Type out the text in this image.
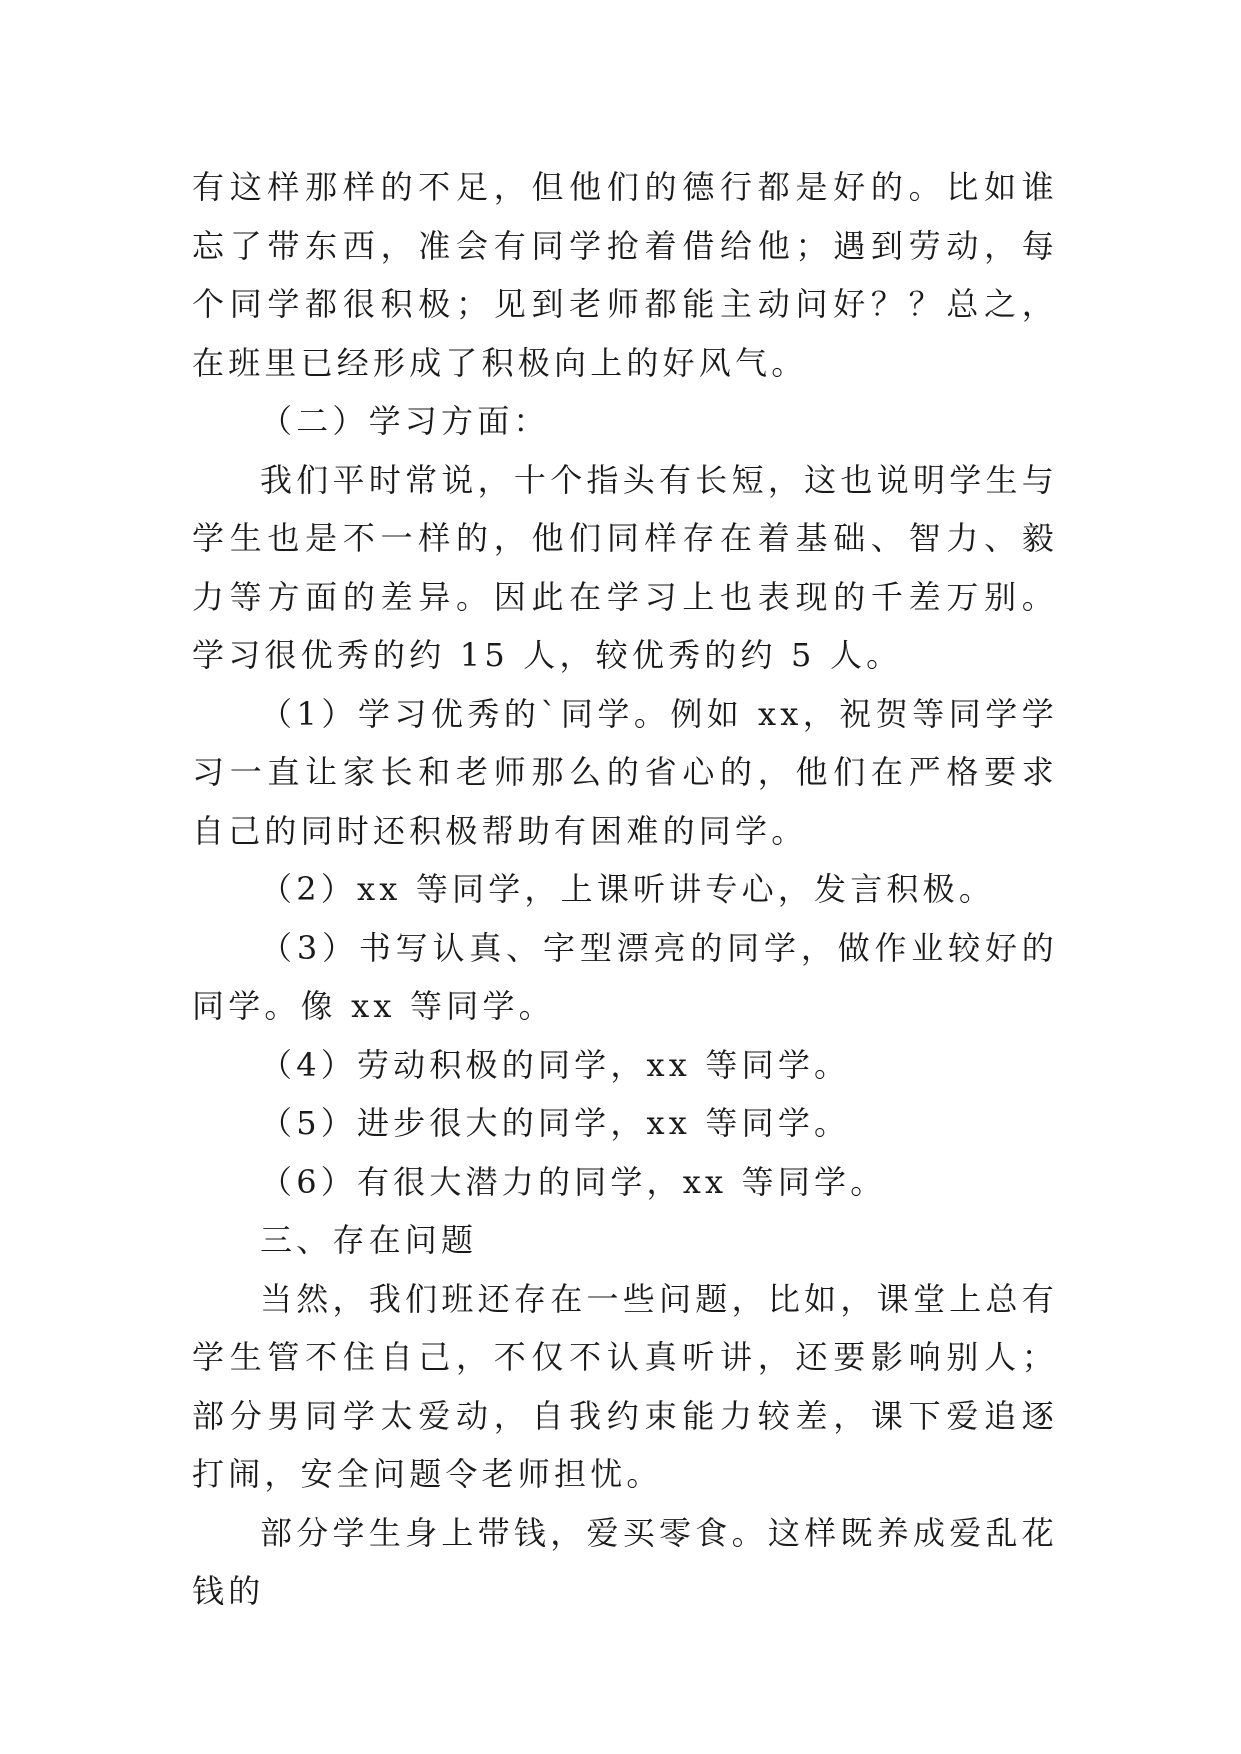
有这样那样的不足，但他们的德行都是好的。比如谁忘了带东西，准会有同学抢着借给他；遇到劳动，每个同学都很积极；见到老师都能主动问好？？总之，在班里已经形成了积极向上的好风气。

（二）学习方面：

我们平时常说，十个指头有长短，这也说明学生与学生也是不一样的，他们同样存在着基础、智力、毅力等方面的差异。因此在学习上也表现的千差万别。学习很优秀的约 15 人，较优秀的约 5 人。

（1）学习优秀的`同学。例如 xx，祝贺等同学学习一直让家长和老师那么的省心的，他们在严格要求自己的同时还积极帮助有困难的同学。

（2）xx 等同学，上课听讲专心，发言积极。

（3）书写认真、字型漂亮的同学，做作业较好的同学。像 xx 等同学。

（4）劳动积极的同学，xx 等同学。

（5）进步很大的同学，xx 等同学。

（6）有很大潜力的同学，xx 等同学。

三、存在问题

当然，我们班还存在一些问题，比如，课堂上总有学生管不住自己，不仅不认真听讲，还要影响别人；部分男同学太爱动，自我约束能力较差，课下爱追逐打闹，安全问题令老师担忧。

部分学生身上带钱，爱买零食。这样既养成爱乱花钱的
